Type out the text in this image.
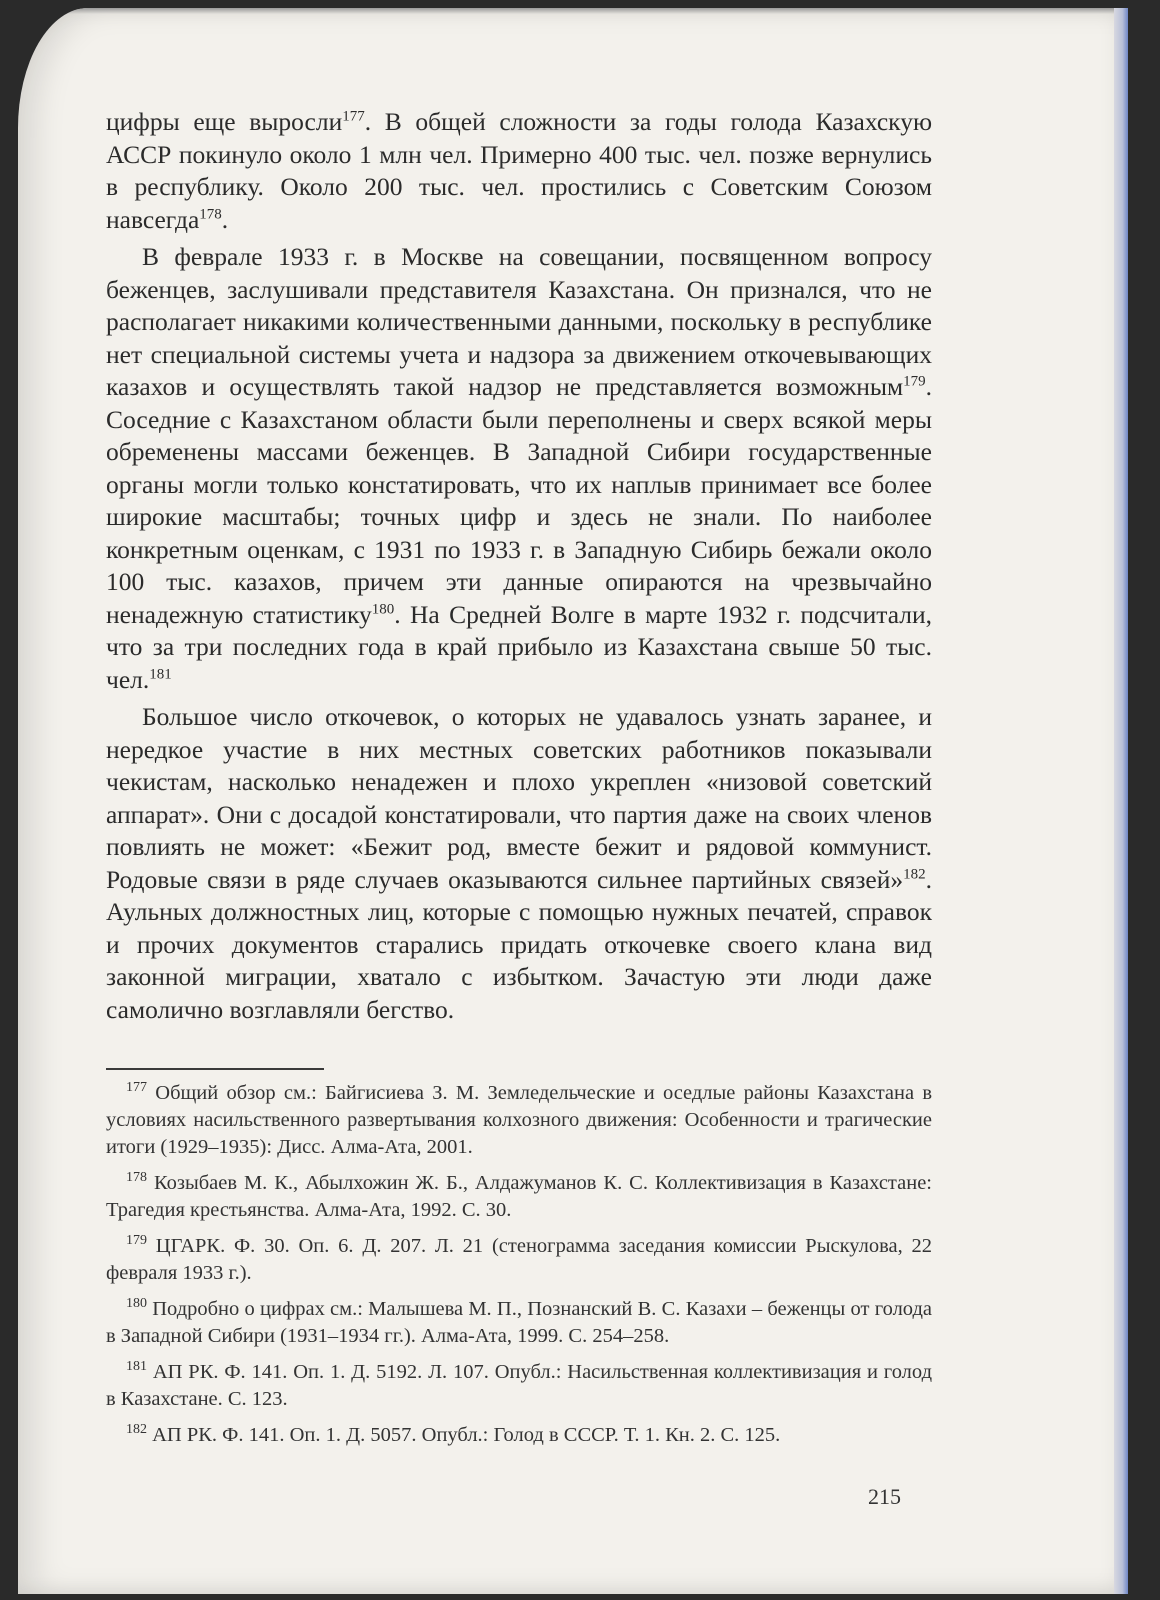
цифры еще выросли$^{177}$. В общей сложности за годы голода Казахскую АССР покинуло около 1 млн чел. Примерно 400 тыс. чел. позже вернулись в республику. Около 200 тыс. чел. простились с Советским Союзом навсегда$^{178}$.

В феврале 1933 г. в Москве на совещании, посвященном вопросу беженцев, заслушивали представителя Казахстана. Он признался, что не располагает никакими количественными данными, поскольку в республике нет специальной системы учета и надзора за движением откочевывающих казахов и осуществлять такой надзор не представляется возможным$^{179}$. Соседние с Казахстаном области были переполнены и сверх всякой меры обременены массами беженцев. В Западной Сибири государственные органы могли только констатировать, что их наплыв принимает все более широкие масштабы; точных цифр и здесь не знали. По наиболее конкретным оценкам, с 1931 по 1933 г. в Западную Сибирь бежали около 100 тыс. казахов, причем эти данные опираются на чрезвычайно ненадежную статистику$^{180}$. На Средней Волге в марте 1932 г. подсчитали, что за три последних года в край прибыло из Казахстана свыше 50 тыс. чел.$^{181}$

Большое число откочевок, о которых не удавалось узнать заранее, и нередкое участие в них местных советских работников показывали чекистам, насколько ненадежен и плохо укреплен «низовой советский аппарат». Они с досадой констатировали, что партия даже на своих членов повлиять не может: «Бежит род, вместе бежит и рядовой коммунист. Родовые связи в ряде случаев оказываются сильнее партийных связей»$^{182}$. Аульных должностных лиц, которые с помощью нужных печатей, справок и прочих документов старались придать откочевке своего клана вид законной миграции, хватало с избытком. Зачастую эти люди даже самолично возглавляли бегство.

$^{177}$ Общий обзор см.: Байгисиева З. М. Земледельческие и оседлые районы Казахстана в условиях насильственного развертывания колхозного движения: Особенности и трагические итоги (1929–1935): Дисс. Алма-Ата, 2001.

$^{178}$ Козыбаев М. К., Абылхожин Ж. Б., Алдажуманов К. С. Коллективизация в Казахстане: Трагедия крестьянства. Алма-Ата, 1992. С. 30.

$^{179}$ ЦГАРК. Ф. 30. Оп. 6. Д. 207. Л. 21 (стенограмма заседания комиссии Рыскулова, 22 февраля 1933 г.).

$^{180}$ Подробно о цифрах см.: Малышева М. П., Познанский В. С. Казахи – беженцы от голода в Западной Сибири (1931–1934 гг.). Алма-Ата, 1999. С. 254–258.

$^{181}$ АП РК. Ф. 141. Оп. 1. Д. 5192. Л. 107. Опубл.: Насильственная коллективизация и голод в Казахстане. С. 123.

$^{182}$ АП РК. Ф. 141. Оп. 1. Д. 5057. Опубл.: Голод в СССР. Т. 1. Кн. 2. С. 125.

215
